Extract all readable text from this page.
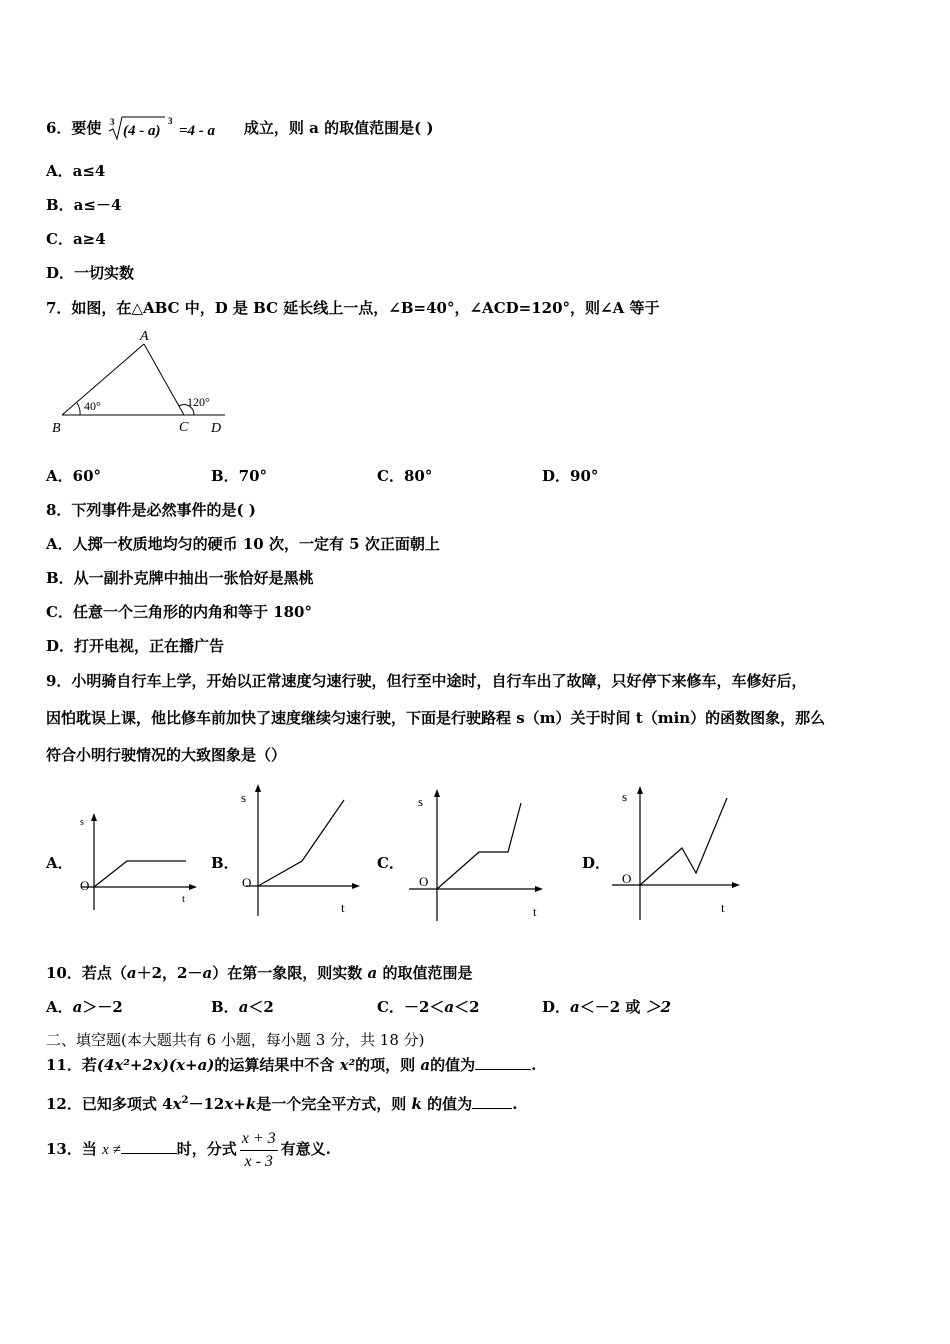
6．要使 3
(4 - a)
3
=4 - a 成立，则 a 的取值范围是( )
A．a≤4
B．a≤－4
C．a≥4
D．一切实数
7．如图，在△ABC 中，D 是 BC 延长线上一点，∠B=40°，∠ACD=120°，则∠A 等于
A
B	C D
40°	120°
A．60°	B．70°	C．80°	D．90°
8．下列事件是必然事件的是( )
A．人掷一枚质地均匀的硬币 10 次，一定有 5 次正面朝上
B．从一副扑克牌中抽出一张恰好是黑桃
C．任意一个三角形的内角和等于 180°
D．打开电视，正在播广告
9．小明骑自行车上学，开始以正常速度匀速行驶，但行至中途时，自行车出了故障，只好停下来修车，车修好后，
因怕耽误上课，他比修车前加快了速度继续匀速行驶，下面是行驶路程 s（m）关于时间 t（min）的函数图象，那么
符合小明行驶情况的大致图象是（）
A．
s
t
O
B．
s
t
O
C．
s
t
O
D．
s
t
O
10．若点（a＋2，2－a）在第一象限，则实数 a 的取值范围是
A．a＞－2	B．a＜2	C．－2＜a＜2	D．a＜－2 或 ＞2
二、填空题(本大题共有 6 小题，每小题 3 分，共 18 分)
11．若(4x²+2x)(x+a)的运算结果中不含 x²的项，则 a的值为	.
12．已知多项式 $4x^2-12x+k$是一个完全平方式，则 k 的值为	.
13．当 x ≠	时，分式 $\frac{x + 3}{x - 3}$ 有意义.
